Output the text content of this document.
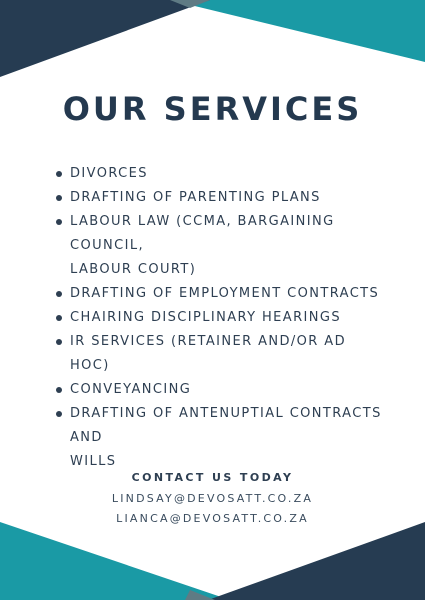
OUR SERVICES
DIVORCES
DRAFTING OF PARENTING PLANS
LABOUR LAW (CCMA, BARGAINING COUNCIL,
LABOUR COURT)
DRAFTING OF EMPLOYMENT CONTRACTS
CHAIRING DISCIPLINARY HEARINGS
IR SERVICES (RETAINER AND/OR AD HOC)
CONVEYANCING
DRAFTING OF ANTENUPTIAL CONTRACTS AND
WILLS
CONTACT US TODAY
LINDSAY@DEVOSATT.CO.ZA
LIANCA@DEVOSATT.CO.ZA
